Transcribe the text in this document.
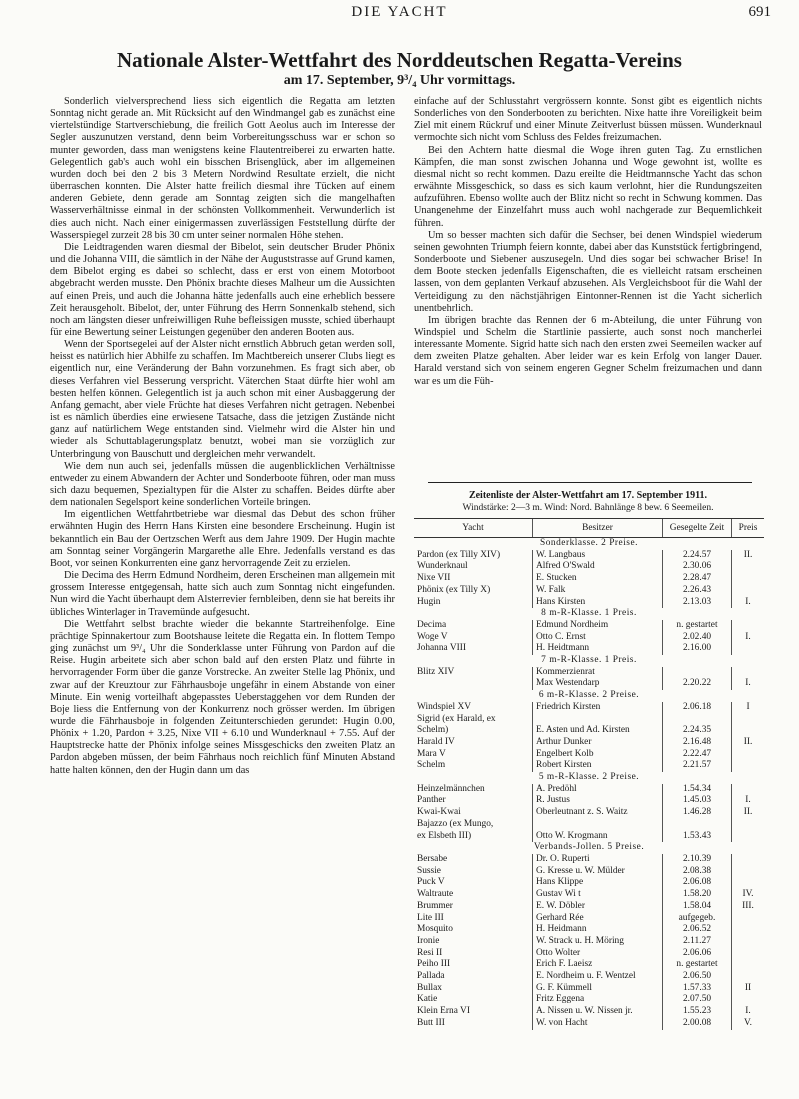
DIE YACHT	691
Nationale Alster-Wettfahrt des Norddeutschen Regatta-Vereins
am 17. September, 9³/₄ Uhr vormittags.

Sonderlich vielversprechend liess sich eigentlich die Regatta am letzten Sonntag nicht gerade an. Mit Rücksicht auf den Windmangel gab es zunächst eine viertelstündige Startverschiebung, die freilich Gott Aeolus auch im Interesse der Segler auszunutzen verstand, denn beim Vorbereitungsschuss war er schon so munter geworden, dass man wenigstens keine Flautentreiberei zu erwarten hatte. Gelegentlich gab's auch wohl ein bisschen Brisenglück, aber im allgemeinen wurden doch bei den 2 bis 3 Metern Nordwind Resultate erzielt, die nicht überraschen konnten. Die Alster hatte freilich diesmal ihre Tücken auf einem anderen Gebiete, denn gerade am Sonntag zeigten sich die mangelhaften Wasserverhältnisse einmal in der schönsten Vollkommenheit. Verwunderlich ist dies auch nicht. Nach einer einigermassen zuverlässigen Feststellung dürfte der Wasserspiegel zurzeit 28 bis 30 cm unter seiner normalen Höhe stehen.

Die Leidtragenden waren diesmal der Bibelot, sein deutscher Bruder Phönix und die Johanna VIII, die sämtlich in der Nähe der Auguststrasse auf Grund kamen, dem Bibelot erging es dabei so schlecht, dass er erst von einem Motorboot abgebracht werden musste. Den Phönix brachte dieses Malheur um die Aussichten auf einen Preis, und auch die Johanna hätte jedenfalls auch eine erheblich bessere Zeit herausgeholt. Bibelot, der, unter Führung des Herrn Sonnenkalb stehend, sich noch am längsten dieser unfreiwilligen Ruhe befleissigen musste, schied überhaupt für eine Bewertung seiner Leistungen gegenüber den anderen Booten aus.

Wenn der Sportsegelei auf der Alster nicht ernstlich Abbruch getan werden soll, heisst es natürlich hier Abhilfe zu schaffen. Im Machtbereich unserer Clubs liegt es eigentlich nur, eine Veränderung der Bahn vorzunehmen. Es fragt sich aber, ob dieses Verfahren viel Besserung verspricht. Väterchen Staat dürfte hier wohl am besten helfen können. Gelegentlich ist ja auch schon mit einer Ausbaggerung der Anfang gemacht, aber viele Früchte hat dieses Verfahren nicht getragen. Nebenbei ist es nämlich überdies eine erwiesene Tatsache, dass die jetzigen Zustände nicht ganz auf natürlichem Wege entstanden sind. Vielmehr wird die Alster hin und wieder als Schuttablagerungsplatz benutzt, wobei man sie vorzüglich zur Unterbringung von Bauschutt und dergleichen mehr verwandelt.

Wie dem nun auch sei, jedenfalls müssen die augenblicklichen Verhältnisse entweder zu einem Abwandern der Achter und Sonderboote führen, oder man muss sich dazu bequemen, Spezialtypen für die Alster zu schaffen. Beides dürfte aber dem nationalen Segelsport keine sonderlichen Vorteile bringen.

Im eigentlichen Wettfahrtbetriebe war diesmal das Debut des schon früher erwähnten Hugin des Herrn Hans Kirsten eine besondere Erscheinung. Hugin ist bekanntlich ein Bau der Oertzschen Werft aus dem Jahre 1909. Der Hugin machte am Sonntag seiner Vorgängerin Margarethe alle Ehre. Jedenfalls verstand es das Boot, vor seinen Konkurrenten eine ganz hervorragende Zeit zu erzielen.

Die Decima des Herrn Edmund Nordheim, deren Erscheinen man allgemein mit grossem Interesse entgegensah, hatte sich auch zum Sonntag nicht eingefunden. Nun wird die Yacht überhaupt dem Alsterrevier fernbleiben, denn sie hat bereits ihr übliches Winterlager in Travemünde aufgesucht.

Die Wettfahrt selbst brachte wieder die bekannte Startreihenfolge. Eine prächtige Spinnakertour zum Bootshause leitete die Regatta ein. In flottem Tempo ging zunächst um 9³/₄ Uhr die Sonderklasse unter Führung von Pardon auf die Reise. Hugin arbeitete sich aber schon bald auf den ersten Platz und führte in hervorragender Form über die ganze Vorstrecke. An zweiter Stelle lag Phönix, und zwar auf der Kreuztour zur Fährhausboje ungefähr in einem Abstande von einer Minute. Ein wenig vorteilhaft abgepasstes Ueberstaggehen vor dem Runden der Boje liess die Entfernung von der Konkurrenz noch grösser werden. Im übrigen wurde die Fährhausboje in folgenden Zeitunterschieden gerundet: Hugin 0.00, Phönix + 1.20, Pardon + 3.25, Nixe VII + 6.10 und Wunderknaul + 7.55. Auf der Hauptstrecke hatte der Phönix infolge seines Missgeschicks den zweiten Platz an Pardon abgeben müssen, der beim Fährhaus noch reichlich fünf Minuten Abstand hatte halten können, den der Hugin dann um das

einfache auf der Schlusstahrt vergrössern konnte. Sonst gibt es eigentlich nichts Sonderliches von den Sonderbooten zu berichten. Nixe hatte ihre Voreiligkeit beim Ziel mit einem Rückruf und einer Minute Zeitverlust büssen müssen. Wunderknaul vermochte sich nicht vom Schluss des Feldes freizumachen.

Bei den Achtern hatte diesmal die Woge ihren guten Tag. Zu ernstlichen Kämpfen, die man sonst zwischen Johanna und Woge gewohnt ist, wollte es diesmal nicht so recht kommen. Dazu ereilte die Heidtmannsche Yacht das schon erwähnte Missgeschick, so dass es sich kaum verlohnt, hier die Rundungszeiten aufzuführen. Ebenso wollte auch der Blitz nicht so recht in Schwung kommen. Das Unangenehme der Einzelfahrt muss auch wohl nachgerade zur Bequemlichkeit führen.

Um so besser machten sich dafür die Sechser, bei denen Windspiel wiederum seinen gewohnten Triumph feiern konnte, dabei aber das Kunststück fertigbringend, Sonderboote und Siebener auszusegeln. Und dies sogar bei schwacher Brise! In dem Boote stecken jedenfalls Eigenschaften, die es vielleicht ratsam erscheinen lassen, von dem geplanten Verkauf abzusehen. Als Vergleichsboot für die Wahl der Verteidigung zu den nächstjährigen Eintonner-Rennen ist die Yacht sicherlich unentbehrlich.

Im übrigen brachte das Rennen der 6 m-Abteilung, die unter Führung von Windspiel und Schelm die Startlinie passierte, auch sonst noch mancherlei interessante Momente. Sigrid hatte sich nach den ersten zwei Seemeilen wacker auf dem zweiten Platze gehalten. Aber leider war es kein Erfolg von langer Dauer. Harald verstand sich von seinem engeren Gegner Schelm freizumachen und dann war es um die Füh-

Zeitenliste der Alster-Wettfahrt am 17. September 1911.
Windstärke: 2—3 m. Wind: Nord. Bahnlänge 8 bew. 6 Seemeilen.
Yacht	Besitzer	Gesegelte Zeit	Preis
Sonderklasse. 2 Preise.			
Pardon (ex Tilly XIV)	W. Langbaus	2.24.57	II.
Wunderknaul	Alfred O'Swald	2.30.06	
Nixe VII	E. Stucken	2.28.47	
Phönix (ex Tilly X)	W. Falk	2.26.43	
Hugin	Hans Kirsten	2.13.03	I.
8 m-R-Klasse. 1 Preis.			
Decima	Edmund Nordheim	n. gestartet	
Woge V	Otto C. Ernst	2.02.40	I.
Johanna VIII	H. Heidtmann	2.16.00	
7 m-R-Klasse. 1 Preis.			
Blitz XIV	Kommerzienrat		
	Max Westendarp	2.20.22	I.
6 m-R-Klasse. 2 Preise.			
Windspiel XV	Friedrich Kirsten	2.06.18	I
Sigrid (ex Harald, ex			
Schelm)	E. Asten und Ad. Kirsten	2.24.35	
Harald IV	Arthur Dunker	2.16.48	II.
Mara V	Engelbert Kolb	2.22.47	
Schelm	Robert Kirsten	2.21.57	
5 m-R-Klasse. 2 Preise.			
Heinzelmännchen	A. Predöhl	1.54.34	
Panther	R. Justus	1.45.03	I.
Kwai-Kwai	Oberleutnant z. S. Waitz	1.46.28	II.
Bajazzo (ex Mungo,			
ex Elsbeth III)	Otto W. Krogmann	1.53.43	
Verbands-Jollen. 5 Preise.			
Bersabe	Dr. O. Ruperti	2.10.39	
Sussie	G. Kresse u. W. Mülder	2.08.38	
Puck V	Hans Klippe	2.06.08	
Waltraute	Gustav Wi t	1.58.20	IV.
Brummer	E. W. Döbler	1.58.04	III.
Lite III	Gerhard Rée	aufgegeb.	
Mosquito	H. Heidmann	2.06.52	
Ironie	W. Strack u. H. Möring	2.11.27	
Resi II	Otto Wolter	2.06.06	
Peiho III	Erich F. Laeisz	n. gestartet	
Pallada	E. Nordheim u. F. Wentzel	2.06.50	
Bullax	G. F. Kümmell	1.57.33	II
Katie	Fritz Eggena	2.07.50	
Klein Erna VI	A. Nissen u. W. Nissen jr.	1.55.23	I.
Butt III	W. von Hacht	2.00.08	V.
